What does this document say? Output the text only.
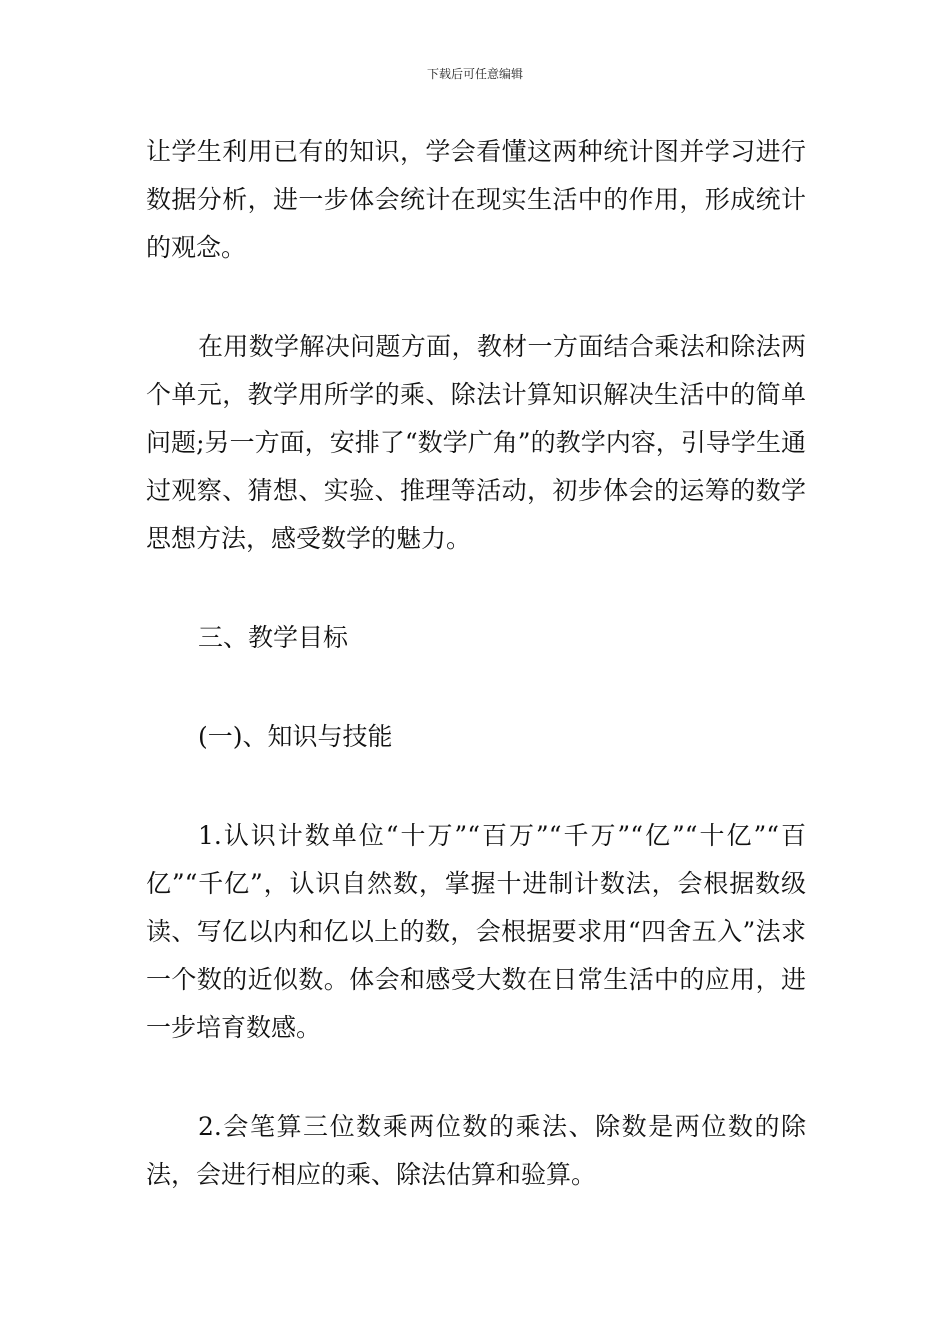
下载后可任意编辑

让学生利用已有的知识，学会看懂这两种统计图并学习进行数据分析，进一步体会统计在现实生活中的作用，形成统计的观念。

在用数学解决问题方面，教材一方面结合乘法和除法两个单元，教学用所学的乘、除法计算知识解决生活中的简单问题;另一方面，安排了“数学广角”的教学内容，引导学生通过观察、猜想、实验、推理等活动，初步体会的运筹的数学思想方法，感受数学的魅力。

三、教学目标

(一)、知识与技能

1.认识计数单位“十万”“百万”“千万”“亿”“十亿”“百亿”“千亿”，认识自然数，掌握十进制计数法，会根据数级读、写亿以内和亿以上的数，会根据要求用“四舍五入”法求一个数的近似数。体会和感受大数在日常生活中的应用，进一步培育数感。

2.会笔算三位数乘两位数的乘法、除数是两位数的除法，会进行相应的乘、除法估算和验算。
